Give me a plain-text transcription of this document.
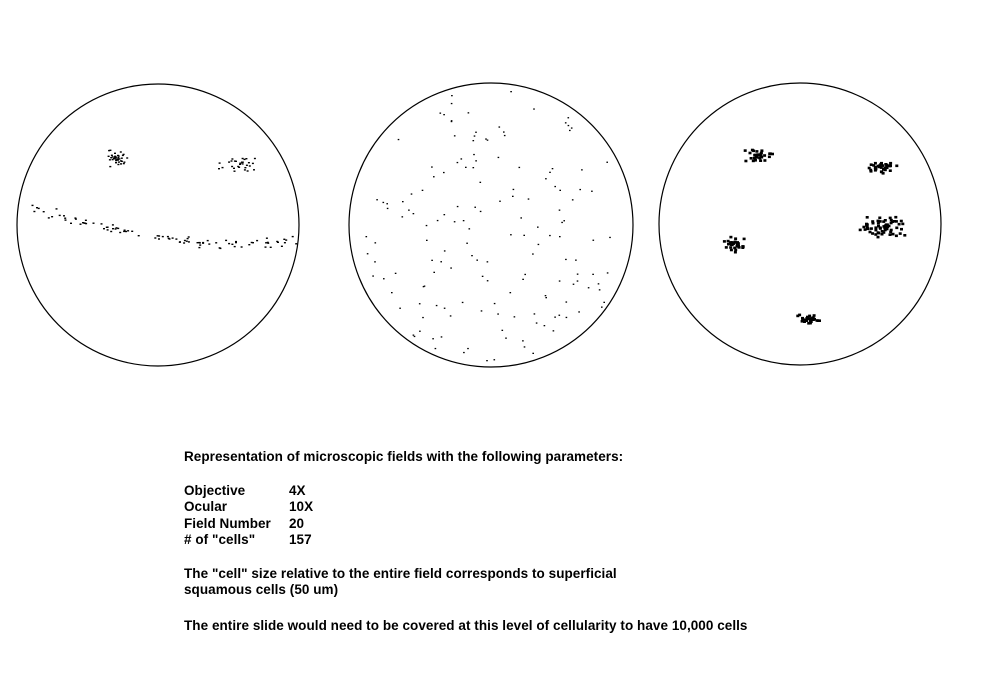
Representation of microscopic fields with the following parameters:
Objective	4X
Ocular	10X
Field Number	20
# of "cells"	157
The "cell" size relative to the entire field corresponds to superficial
squamous cells (50 um)
The entire slide would need to be covered at this level of cellularity to have 10,000 cells
